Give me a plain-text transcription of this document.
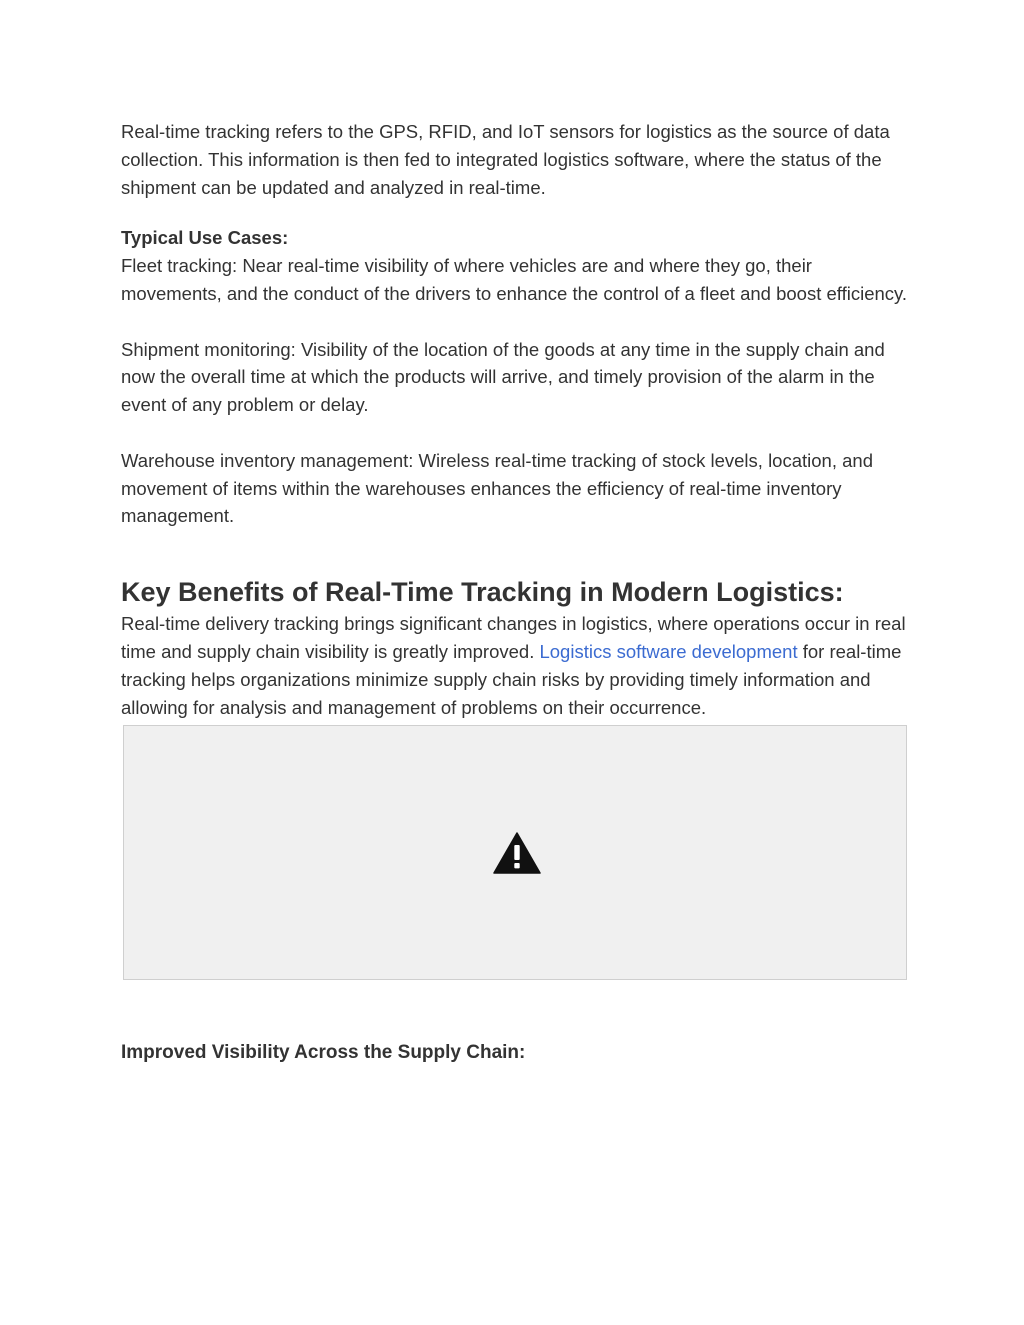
Real-time tracking refers to the GPS, RFID, and IoT sensors for logistics as the source of data collection. This information is then fed to integrated logistics software, where the status of the shipment can be updated and analyzed in real-time.

Typical Use Cases:

Fleet tracking: Near real-time visibility of where vehicles are and where they go, their movements, and the conduct of the drivers to enhance the control of a fleet and boost efficiency.

Shipment monitoring: Visibility of the location of the goods at any time in the supply chain and now the overall time at which the products will arrive, and timely provision of the alarm in the event of any problem or delay.

Warehouse inventory management: Wireless real-time tracking of stock levels, location, and movement of items within the warehouses enhances the efficiency of real-time inventory management.

Key Benefits of Real-Time Tracking in Modern Logistics:

Real-time delivery tracking brings significant changes in logistics, where operations occur in real time and supply chain visibility is greatly improved. Logistics software development for real-time tracking helps organizations minimize supply chain risks by providing timely information and allowing for analysis and management of problems on their occurrence.

Improved Visibility Across the Supply Chain:
